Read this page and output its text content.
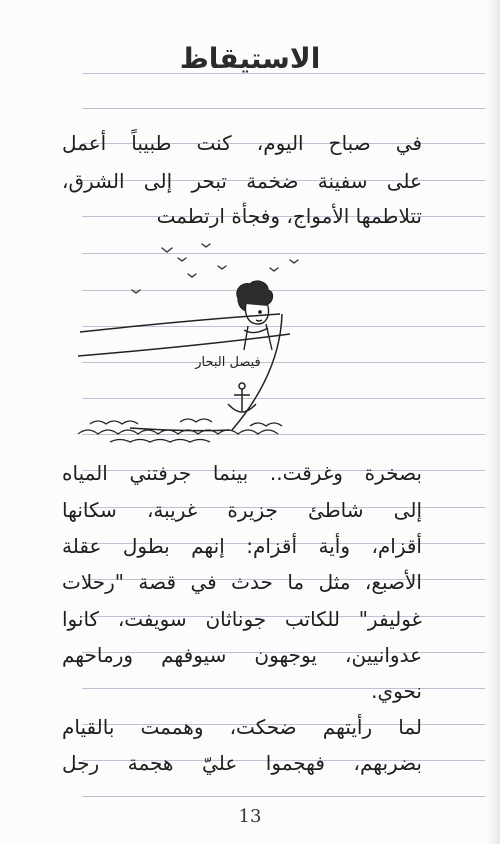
الاستيقاظ
في صباح اليوم، كنت طبيباً أعمل
على سفينة ضخمة تبحر إلى الشرق،
تتلاطمها الأمواج، وفجأة ارتطمت
فيصل البحار
بصخرة وغرقت.. بينما جرفتني المياه
إلى شاطئ جزيرة غريبة، سكانها
أقزام، وأية أقزام: إنهم بطول عقلة
الأصبع، مثل ما حدث في قصة "رحلات
غوليفر" للكاتب جوناثان سويفت، كانوا
عدوانيين، يوجهون سيوفهم ورماحهم
نحوي.
لما رأيتهم ضحكت، وهممت بالقيام
بضربهم، فهجموا عليّ هجمة رجل
13
